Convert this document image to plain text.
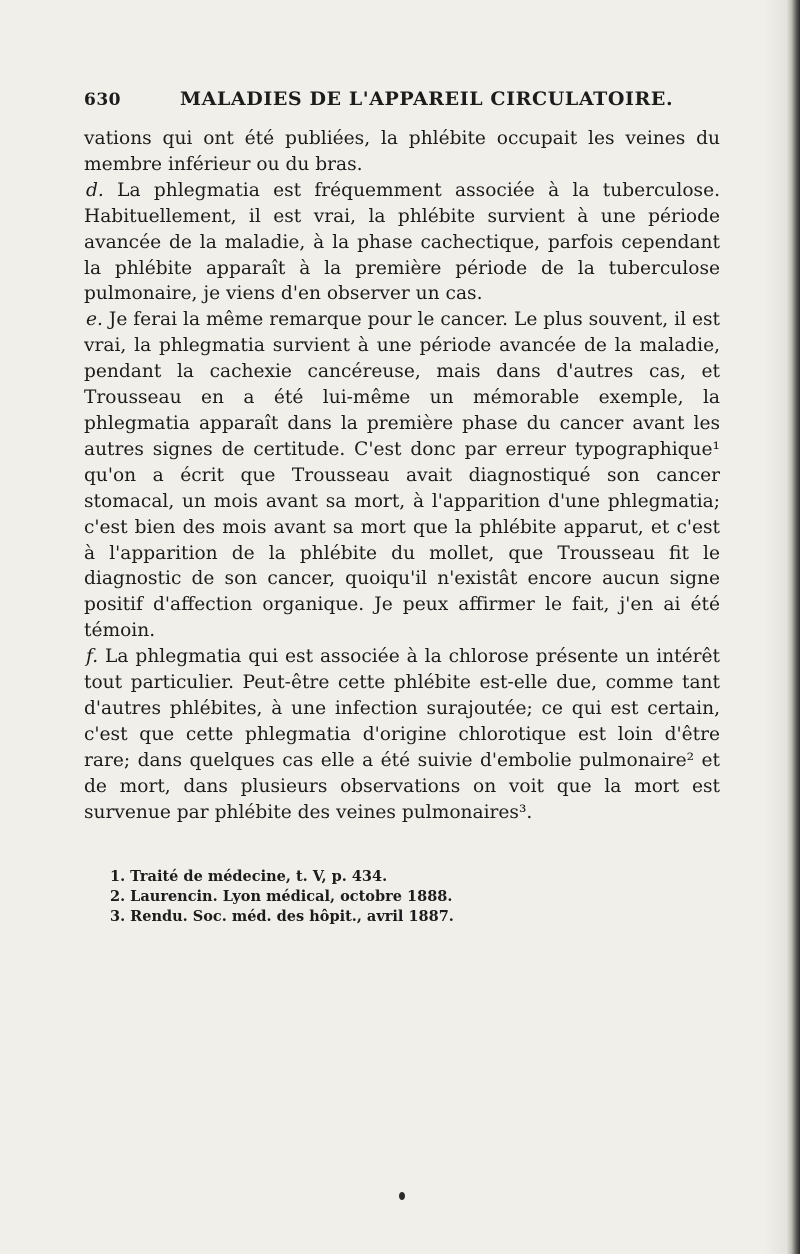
630	MALADIES DE L'APPAREIL CIRCULATOIRE.

vations qui ont été publiées, la phlébite occupait les veines du membre inférieur ou du bras.

d. La phlegmatia est fréquemment associée à la tuberculose. Habituellement, il est vrai, la phlébite survient à une période avancée de la maladie, à la phase cachectique, parfois cependant la phlébite apparaît à la première période de la tuberculose pulmonaire, je viens d'en observer un cas.

e. Je ferai la même remarque pour le cancer. Le plus souvent, il est vrai, la phlegmatia survient à une période avancée de la maladie, pendant la cachexie cancéreuse, mais dans d'autres cas, et Trousseau en a été lui-même un mémorable exemple, la phlegmatia apparaît dans la première phase du cancer avant les autres signes de certitude. C'est donc par erreur typographique¹ qu'on a écrit que Trousseau avait diagnostiqué son cancer stomacal, un mois avant sa mort, à l'apparition d'une phlegmatia; c'est bien des mois avant sa mort que la phlébite apparut, et c'est à l'apparition de la phlébite du mollet, que Trousseau fit le diagnostic de son cancer, quoiqu'il n'existât encore aucun signe positif d'affection organique. Je peux affirmer le fait, j'en ai été témoin.

f. La phlegmatia qui est associée à la chlorose présente un intérêt tout particulier. Peut-être cette phlébite est-elle due, comme tant d'autres phlébites, à une infection surajoutée; ce qui est certain, c'est que cette phlegmatia d'origine chlorotique est loin d'être rare; dans quelques cas elle a été suivie d'embolie pulmonaire² et de mort, dans plusieurs observations on voit que la mort est survenue par phlébite des veines pulmonaires³.

1. Traité de médecine, t. V, p. 434.

2. Laurencin. Lyon médical, octobre 1888.

3. Rendu. Soc. méd. des hôpit., avril 1887.
